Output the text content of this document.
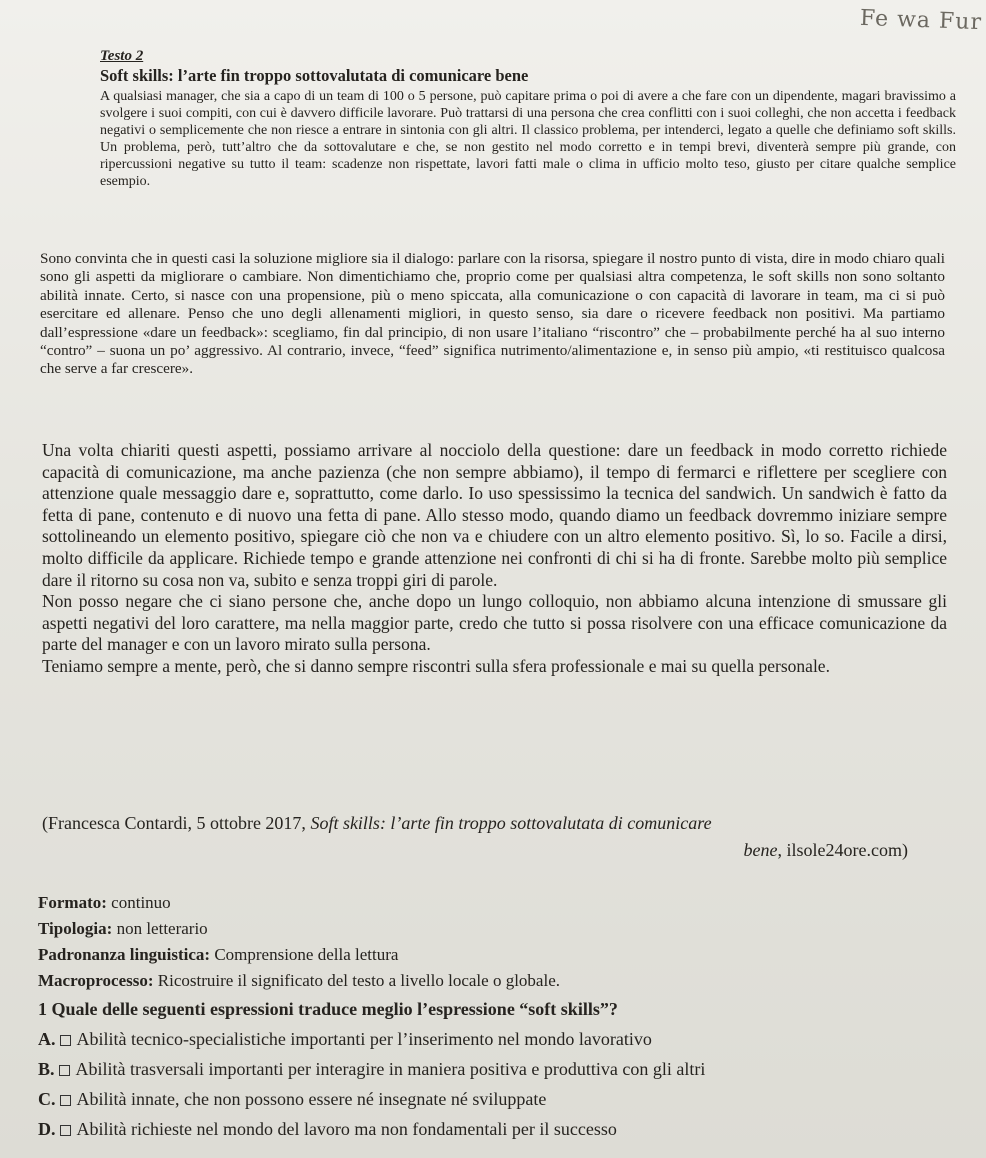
Fe wa Fur

Testo 2

Soft skills: l’arte fin troppo sottovalutata di comunicare bene

A qualsiasi manager, che sia a capo di un team di 100 o 5 persone, può capitare prima o poi di avere a che fare con un dipendente, magari bravissimo a svolgere i suoi compiti, con cui è davvero difficile lavorare. Può trattarsi di una persona che crea conflitti con i suoi colleghi, che non accetta i feedback negativi o semplicemente che non riesce a entrare in sintonia con gli altri. Il classico problema, per intenderci, legato a quelle che definiamo soft skills. Un problema, però, tutt’altro che da sottovalutare e che, se non gestito nel modo corretto e in tempi brevi, diventerà sempre più grande, con ripercussioni negative su tutto il team: scadenze non rispettate, lavori fatti male o clima in ufficio molto teso, giusto per citare qualche semplice esempio.

Sono convinta che in questi casi la soluzione migliore sia il dialogo: parlare con la risorsa, spiegare il nostro punto di vista, dire in modo chiaro quali sono gli aspetti da migliorare o cambiare. Non dimentichiamo che, proprio come per qualsiasi altra competenza, le soft skills non sono soltanto abilità innate. Certo, si nasce con una propensione, più o meno spiccata, alla comunicazione o con capacità di lavorare in team, ma ci si può esercitare ed allenare. Penso che uno degli allenamenti migliori, in questo senso, sia dare o ricevere feedback non positivi. Ma partiamo dall’espressione «dare un feedback»: scegliamo, fin dal principio, di non usare l’italiano “riscontro” che – probabilmente perché ha al suo interno “contro” – suona un po’ aggressivo. Al contrario, invece, “feed” significa nutrimento/alimentazione e, in senso più ampio, «ti restituisco qualcosa che serve a far crescere».

Una volta chiariti questi aspetti, possiamo arrivare al nocciolo della questione: dare un feedback in modo corretto richiede capacità di comunicazione, ma anche pazienza (che non sempre abbiamo), il tempo di fermarci e riflettere per scegliere con attenzione quale messaggio dare e, soprattutto, come darlo. Io uso spessissimo la tecnica del sandwich. Un sandwich è fatto da fetta di pane, contenuto e di nuovo una fetta di pane. Allo stesso modo, quando diamo un feedback dovremmo iniziare sempre sottolineando un elemento positivo, spiegare ciò che non va e chiudere con un altro elemento positivo. Sì, lo so. Facile a dirsi, molto difficile da applicare. Richiede tempo e grande attenzione nei confronti di chi si ha di fronte. Sarebbe molto più semplice dare il ritorno su cosa non va, subito e senza troppi giri di parole.

Non posso negare che ci siano persone che, anche dopo un lungo colloquio, non abbiamo alcuna intenzione di smussare gli aspetti negativi del loro carattere, ma nella maggior parte, credo che tutto si possa risolvere con una efficace comunicazione da parte del manager e con un lavoro mirato sulla persona.

Teniamo sempre a mente, però, che si danno sempre riscontri sulla sfera professionale e mai su quella personale.

(Francesca Contardi, 5 ottobre 2017, Soft skills: l’arte fin troppo sottovalutata di comunicare
bene, ilsole24ore.com)

Formato: continuo

Tipologia: non letterario

Padronanza linguistica: Comprensione della lettura

Macroprocesso: Ricostruire il significato del testo a livello locale o globale.

1 Quale delle seguenti espressioni traduce meglio l’espressione “soft skills”?

A. Abilità tecnico-specialistiche importanti per l’inserimento nel mondo lavorativo

B. Abilità trasversali importanti per interagire in maniera positiva e produttiva con gli altri

C. Abilità innate, che non possono essere né insegnate né sviluppate

D. Abilità richieste nel mondo del lavoro ma non fondamentali per il successo
